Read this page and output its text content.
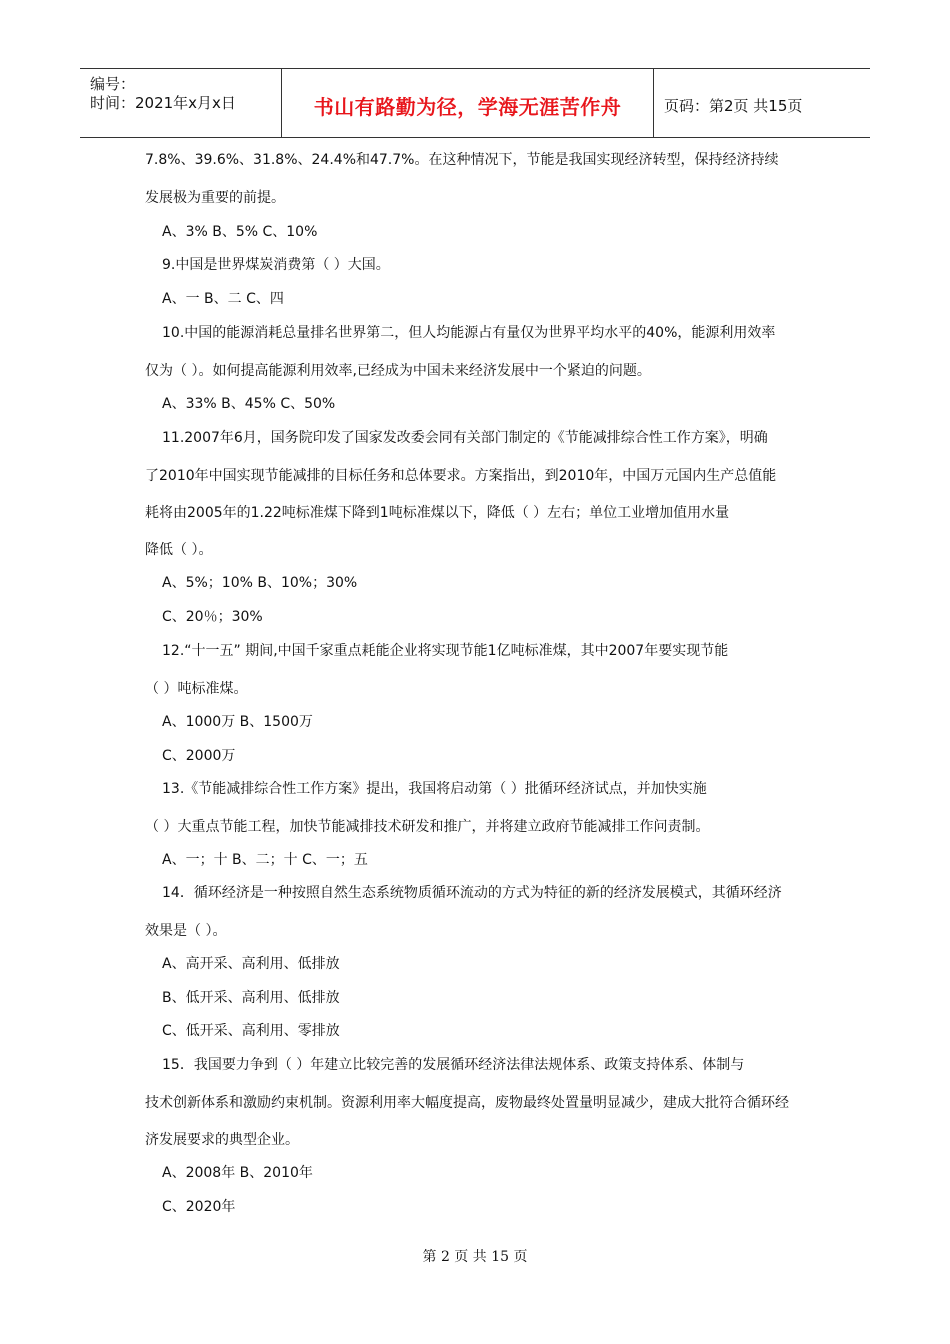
编号：
时间：2021年x月x日	书山有路勤为径，学海无涯苦作舟	页码：第2页 共15页
7.8%、39.6%、31.8%、24.4%和47.7%。在这种情况下，节能是我国实现经济转型，保持经济持续
发展极为重要的前提。
A、3% B、5% C、10%
9.中国是世界煤炭消费第（ ）大国。
A、一 B、二 C、四
10.中国的能源消耗总量排名世界第二，但人均能源占有量仅为世界平均水平的40%，能源利用效率
仅为（ ）。如何提高能源利用效率,已经成为中国未来经济发展中一个紧迫的问题。
A、33% B、45% C、50%
11.2007年6月，国务院印发了国家发改委会同有关部门制定的《节能减排综合性工作方案》，明确
了2010年中国实现节能减排的目标任务和总体要求。方案指出，到2010年，中国万元国内生产总值能
耗将由2005年的1.22吨标准煤下降到1吨标准煤以下，降低（ ）左右；单位工业增加值用水量
降低（ ）。
A、5%；10% B、10%；30%
C、20％；30%
12.“十一五” 期间,中国千家重点耗能企业将实现节能1亿吨标准煤，其中2007年要实现节能
（ ）吨标准煤。
A、1000万 B、1500万
C、2000万
13.《节能减排综合性工作方案》提出，我国将启动第（ ）批循环经济试点，并加快实施
（ ）大重点节能工程，加快节能减排技术研发和推广，并将建立政府节能减排工作问责制。
A、一；十 B、二；十 C、一；五
14．循环经济是一种按照自然生态系统物质循环流动的方式为特征的新的经济发展模式，其循环经济
效果是（ ）。
A、高开采、高利用、低排放
B、低开采、高利用、低排放
C、低开采、高利用、零排放
15．我国要力争到（ ）年建立比较完善的发展循环经济法律法规体系、政策支持体系、体制与
技术创新体系和激励约束机制。资源利用率大幅度提高，废物最终处置量明显减少，建成大批符合循环经
济发展要求的典型企业。
A、2008年 B、2010年
C、2020年
第 2 页 共 15 页
